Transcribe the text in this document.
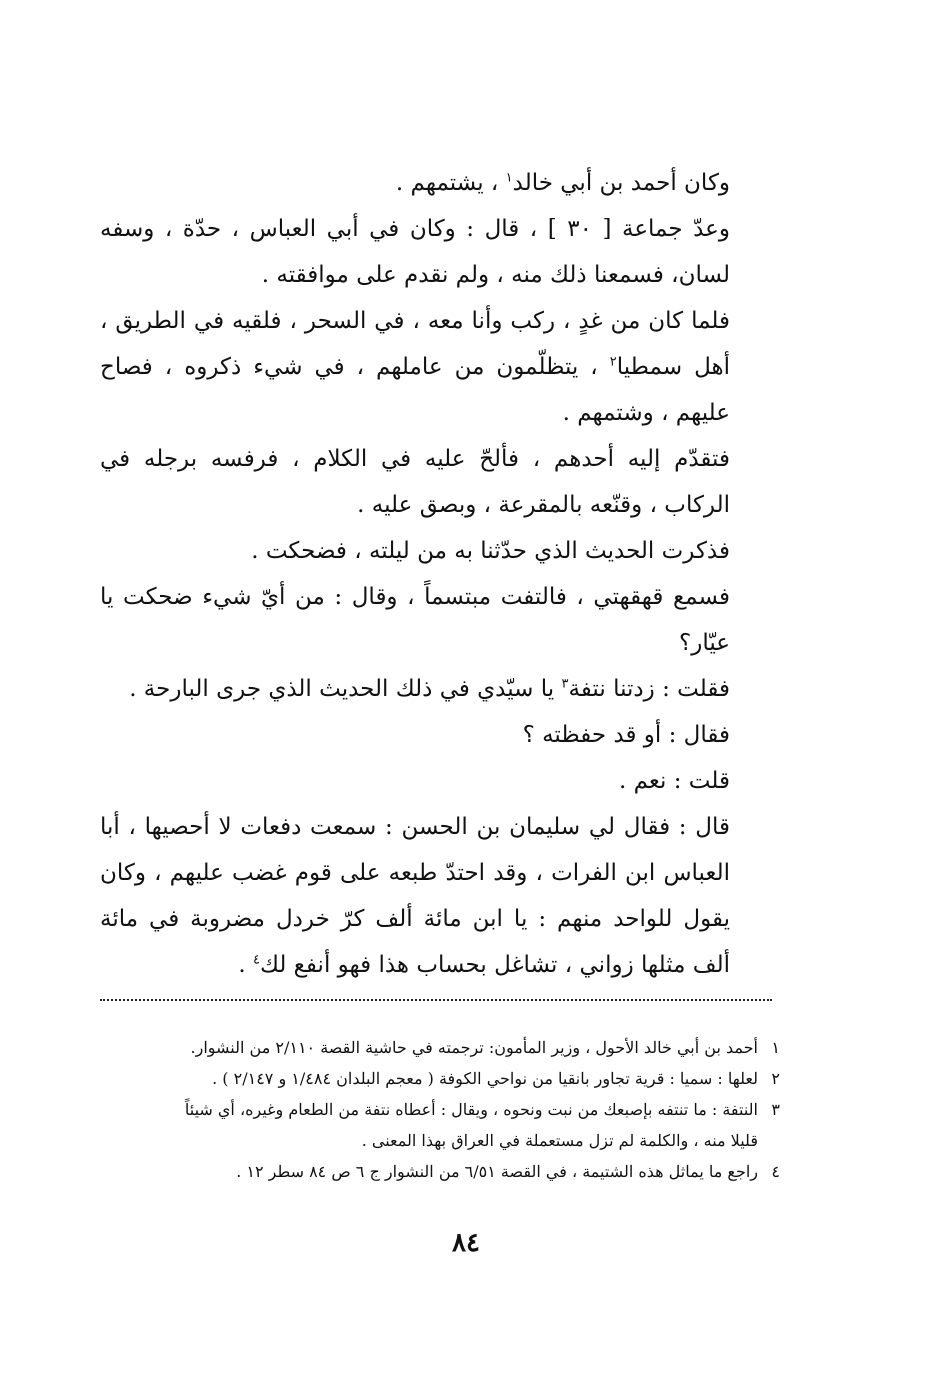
وكان أحمد بن أبي خالد$^١$ ، يشتمهم .

وعدّ جماعة [ ٣٠ ] ، قال : وكان في أبي العباس ، حدّة ، وسفه لسان، فسمعنا ذلك منه ، ولم نقدم على موافقته .

فلما كان من غدٍ ، ركب وأنا معه ، في السحر ، فلقيه في الطريق ، أهل سمطيا$^٢$ ، يتظلّمون من عاملهم ، في شيء ذكروه ، فصاح عليهم ، وشتمهم .

فتقدّم إليه أحدهم ، فألحّ عليه في الكلام ، فرفسه برجله في الركاب ، وقنّعه بالمقرعة ، وبصق عليه .

فذكرت الحديث الذي حدّثنا به من ليلته ، فضحكت .

فسمع قهقهتي ، فالتفت مبتسماً ، وقال : من أيّ شيء ضحكت يا عيّار؟

فقلت : زدتنا نتفة$^٣$ يا سيّدي في ذلك الحديث الذي جرى البارحة .

فقال : أو قد حفظته ؟

قلت : نعم .

قال : فقال لي سليمان بن الحسن : سمعت دفعات لا أحصيها ، أبا العباس ابن الفرات ، وقد احتدّ طبعه على قوم غضب عليهم ، وكان يقول للواحد منهم : يا ابن مائة ألف كرّ خردل مضروبة في مائة ألف مثلها زواني ، تشاغل بحساب هذا فهو أنفع لك$^٤$ .

١أحمد بن أبي خالد الأحول ، وزير المأمون: ترجمته في حاشية القصة ٢/١١٠ من النشوار.

٢لعلها : سميا : قرية تجاور بانقيا من نواحي الكوفة ( معجم البلدان ١/٤٨٤ و ٢/١٤٧ ) .

٣النتفة : ما تنتفه بإصبعك من نبت ونحوه ، ويقال : أعطاه نتفة من الطعام وغيره، أي شيئاً

قليلا منه ، والكلمة لم تزل مستعملة في العراق بهذا المعنى .

٤راجع ما يماثل هذه الشتيمة ، في القصة ٦/٥١ من النشوار ج ٦ ص ٨٤ سطر ١٢ .

٨٤
